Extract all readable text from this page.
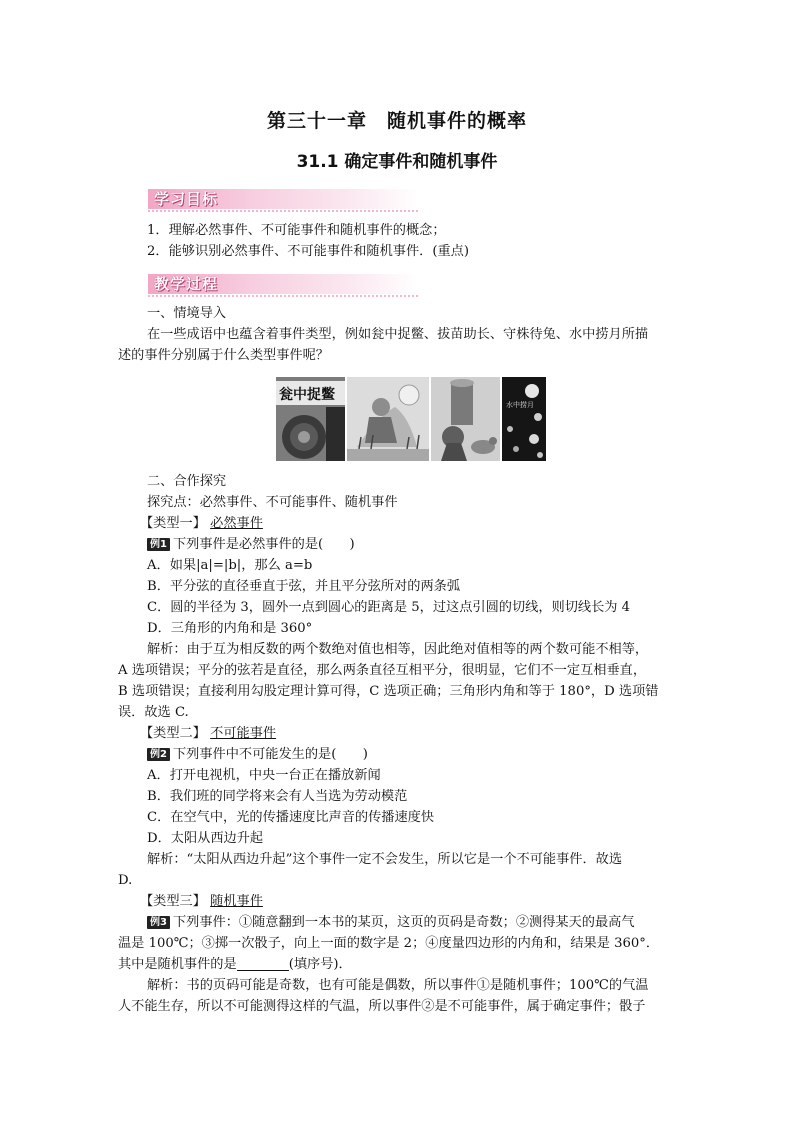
第三十一章　随机事件的概率
31.1 确定事件和随机事件
学习目标
1．理解必然事件、不可能事件和随机事件的概念；
2．能够识别必然事件、不可能事件和随机事件．(重点)
教学过程
一、情境导入
在一些成语中也蕴含着事件类型，例如瓮中捉鳖、拔苗助长、守株待兔、水中捞月所描
述的事件分别属于什么类型事件呢？
瓮中捉鳖
水中捞月
二、合作探究
探究点：必然事件、不可能事件、随机事件
【类型一】 必然事件
例1 下列事件是必然事件的是(　　)
A．如果|a|=|b|，那么 a=b
B．平分弦的直径垂直于弦，并且平分弦所对的两条弧
C．圆的半径为 3，圆外一点到圆心的距离是 5，过这点引圆的切线，则切线长为 4
D．三角形的内角和是 360°
解析：由于互为相反数的两个数绝对值也相等，因此绝对值相等的两个数可能不相等，
A 选项错误；平分的弦若是直径，那么两条直径互相平分，很明显，它们不一定互相垂直，
B 选项错误；直接利用勾股定理计算可得，C 选项正确；三角形内角和等于 180°，D 选项错
误．故选 C.
【类型二】 不可能事件
例2 下列事件中不可能发生的是(　　)
A．打开电视机，中央一台正在播放新闻
B．我们班的同学将来会有人当选为劳动模范
C．在空气中，光的传播速度比声音的传播速度快
D．太阳从西边升起
解析：“太阳从西边升起”这个事件一定不会发生，所以它是一个不可能事件．故选
D.
【类型三】 随机事件
例3 下列事件：①随意翻到一本书的某页，这页的页码是奇数；②测得某天的最高气
温是 100℃；③掷一次骰子，向上一面的数字是 2；④度量四边形的内角和，结果是 360°．
其中是随机事件的是	(填序号)．
解析：书的页码可能是奇数，也有可能是偶数，所以事件①是随机事件；100℃的气温
人不能生存，所以不可能测得这样的气温，所以事件②是不可能事件，属于确定事件；骰子
